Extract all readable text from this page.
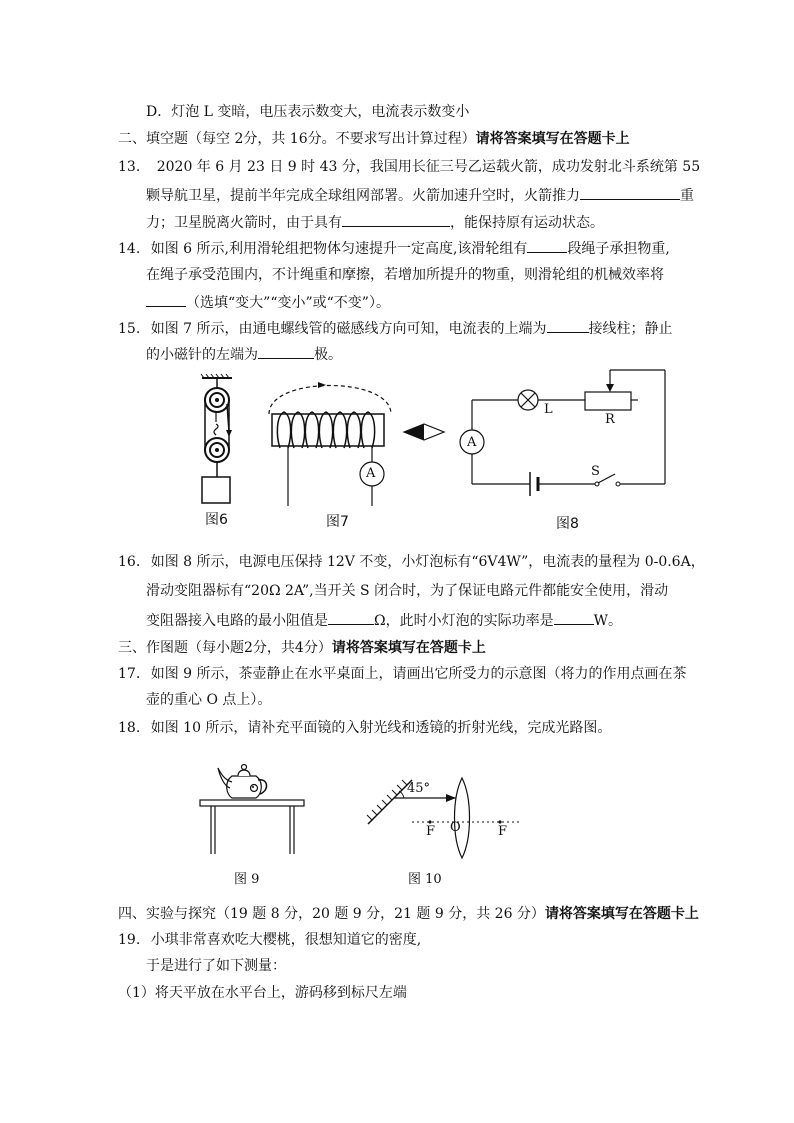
D．灯泡 L 变暗，电压表示数变大，电流表示数变小
二、填空题（每空 2分，共 16分。不要求写出计算过程）请将答案填写在答题卡上
13. 2020 年 6 月 23 日 9 时 43 分，我国用长征三号乙运载火箭，成功发射北斗系统第 55
颗导航卫星，提前半年完成全球组网部署。火箭加速升空时，火箭推力	重
力；卫星脱离火箭时，由于具有	，能保持原有运动状态。
14. 如图 6 所示,利用滑轮组把物体匀速提升一定高度,该滑轮组有	段绳子承担物重,
在绳子承受范围内，不计绳重和摩擦，若增加所提升的物重，则滑轮组的机械效率将
（选填“变大”“变小”或“不变”）。
15. 如图 7 所示，由通电螺线管的磁感线方向可知，电流表的上端为	接线柱；静止
的小磁针的左端为	极。
图6
A
图7
A
L
R
S
图8
16. 如图 8 所示，电源电压保持 12V 不变，小灯泡标有“6V4W”，电流表的量程为 0-0.6A，
滑动变阻器标有“20Ω 2A”,当开关 S 闭合时，为了保证电路元件都能安全使用，滑动
变阻器接入电路的最小阻值是	Ω，此时小灯泡的实际功率是	W。
三、作图题（每小题2分，共4分）请将答案填写在答题卡上
17. 如图 9 所示，茶壶静止在水平桌面上，请画出它所受力的示意图（将力的作用点画在茶
壶的重心 O 点上）。
18. 如图 10 所示，请补充平面镜的入射光线和透镜的折射光线，完成光路图。
图 9
45°
F O	F
图 10
四、实验与探究（19 题 8 分，20 题 9 分，21 题 9 分，共 26 分）请将答案填写在答题卡上
19. 小琪非常喜欢吃大樱桃，很想知道它的密度,
于是进行了如下测量：
（1）将天平放在水平台上，游码移到标尺左端
